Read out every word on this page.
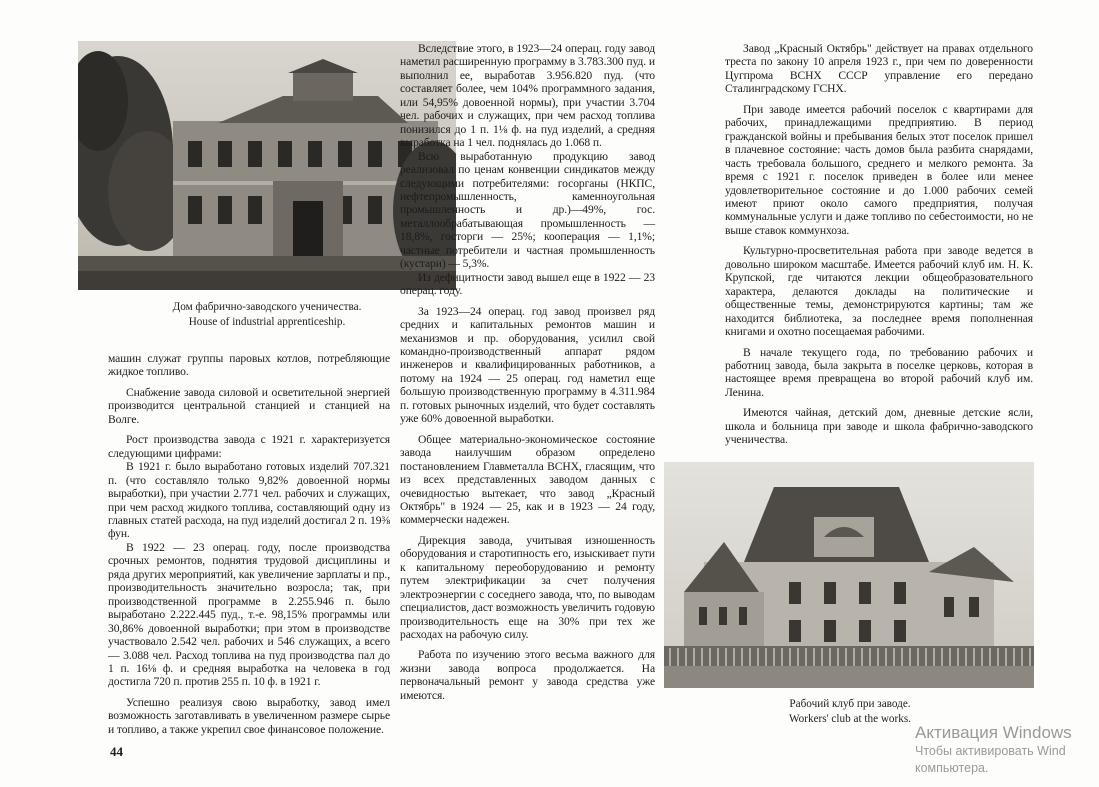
Дом фабрично-заводского ученичества.
House of industrial apprenticeship.

машин служат группы паровых котлов, потребляющие жидкое топливо.

Снабжение завода силовой и осветительной энергией производится центральной станцией и станцией на Волге.

Рост производства завода с 1921 г. характеризуется следующими цифрами:

В 1921 г. было выработано готовых изделий 707.321 п. (что составляло только 9,82% довоенной нормы выработки), при участии 2.771 чел. рабочих и служащих, при чем расход жидкого топлива, составляющий одну из главных статей расхода, на пуд изделий достигал 2 п. 19⅜ фун.

В 1922 — 23 операц. году, после производства срочных ремонтов, поднятия трудовой дисциплины и ряда других мероприятий, как увеличение зарплаты и пр., производительность значительно возросла; так, при производственной программе в 2.255.946 п. было выработано 2.222.445 пуд., т.-е. 98,15% программы или 30,86% довоенной выработки; при этом в производстве участвовало 2.542 чел. рабочих и 546 служащих, а всего — 3.088 чел. Расход топлива на пуд производства пал до 1 п. 16⅛ ф. и средняя выработка на человека в год достигла 720 п. против 255 п. 10 ф. в 1921 г.

Успешно реализуя свою выработку, завод имел возможность заготавливать в увеличенном размере сырье и топливо, а также укрепил свое финансовое положение.

Вследствие этого, в 1923—24 операц. году завод наметил расширенную программу в 3.783.300 пуд. и выполнил ее, выработав 3.956.820 пуд. (что составляет более, чем 104% программного задания, или 54,95% довоенной нормы), при участии 3.704 чел. рабочих и служащих, при чем расход топлива понизился до 1 п. 1⅛ ф. на пуд изделий, а средняя выработка на 1 чел. поднялась до 1.068 п.

Всю выработанную продукцию завод реализовал по ценам конвенции синдикатов между следующими потребителями: госорганы (НКПС, нефтепромышленность, каменноугольная промышленность и др.)—49%, гос. металлообрабатывающая промышленность — 18,8%, госторги — 25%; кооперация — 1,1%; частные потребители и частная промышленность (кустари) — 5,3%.

Из дефицитности завод вышел еще в 1922 — 23 операц. году.

За 1923—24 операц. год завод произвел ряд средних и капитальных ремонтов машин и механизмов и пр. оборудования, усилил свой командно-производственный аппарат рядом инженеров и квалифицированных работников, а потому на 1924 — 25 операц. год наметил еще большую производственную программу в 4.311.984 п. готовых рыночных изделий, что будет составлять уже 60% довоенной выработки.

Общее материально-экономическое состояние завода наилучшим образом определено постановлением Главметалла ВСНХ, гласящим, что из всех представленных заводом данных с очевидностью вытекает, что завод „Красный Октябрь" в 1924 — 25, как и в 1923 — 24 году, коммерчески надежен.

Дирекция завода, учитывая изношенность оборудования и старотипность его, изыскивает пути к капитальному переоборудованию и ремонту путем электрификации за счет получения электроэнергии с соседнего завода, что, по выводам специалистов, даст возможность увеличить годовую производительность еще на 30% при тех же расходах на рабочую силу.

Работа по изучению этого весьма важного для жизни завода вопроса продолжается. На первоначальный ремонт у завода средства уже имеются.

Завод „Красный Октябрь" действует на правах отдельного треста по закону 10 апреля 1923 г., при чем по доверенности Цугпрома ВСНХ СССР управление его передано Сталинградскому ГСНХ.

При заводе имеется рабочий поселок с квартирами для рабочих, принадлежащими предприятию. В период гражданской войны и пребывания белых этот поселок пришел в плачевное состояние: часть домов была разбита снарядами, часть требовала большого, среднего и мелкого ремонта. За время с 1921 г. поселок приведен в более или менее удовлетворительное состояние и до 1.000 рабочих семей имеют приют около самого предприятия, получая коммунальные услуги и даже топливо по себестоимости, но не выше ставок коммунхоза.

Культурно-просветительная работа при заводе ведется в довольно широком масштабе. Имеется рабочий клуб им. Н. К. Крупской, где читаются лекции общеобразовательного характера, делаются доклады на политические и общественные темы, демонстрируются картины; там же находится библиотека, за последнее время пополненная книгами и охотно посещаемая рабочими.

В начале текущего года, по требованию рабочих и работниц завода, была закрыта в поселке церковь, которая в настоящее время превращена во второй рабочий клуб им. Ленина.

Имеются чайная, детский дом, дневные детские ясли, школа и больница при заводе и школа фабрично-заводского ученичества.

Рабочий клуб при заводе.
Workers' club at the works.
44
Активация Windows
Чтобы активировать Wind
компьютера.
